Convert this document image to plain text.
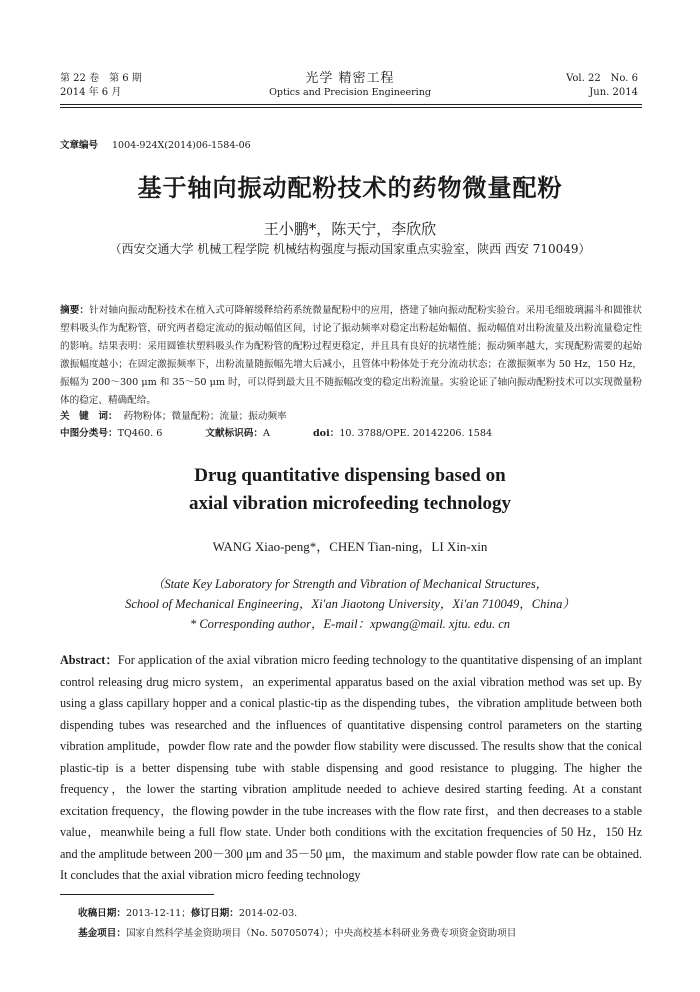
第 22 卷　第 6 期
2014 年 6 月
光学 精密工程
Optics and Precision Engineering
Vol. 22　No. 6
Jun. 2014
文章编号 1004-924X(2014)06-1584-06
基于轴向振动配粉技术的药物微量配粉
王小鹏*，陈天宁，李欣欣
（西安交通大学 机械工程学院 机械结构强度与振动国家重点实验室，陕西 西安 710049）
摘要：针对轴向振动配粉技术在植入式可降解缓释给药系统微量配粉中的应用，搭建了轴向振动配粉实验台。采用毛细玻璃漏斗和圆锥状塑料吸头作为配粉管，研究两者稳定流动的振动幅值区间，讨论了振动频率对稳定出粉起始幅值、振动幅值对出粉流量及出粉流量稳定性的影响。结果表明：采用圆锥状塑料吸头作为配粉管的配粉过程更稳定，并且具有良好的抗堵性能；振动频率越大，实现配粉需要的起始激振幅度越小；在固定激振频率下，出粉流量随振幅先增大后减小，且管体中粉体处于充分流动状态；在激振频率为 50 Hz，150 Hz，振幅为 200～300 μm 和 35～50 μm 时，可以得到最大且不随振幅改变的稳定出粉流量。实验论证了轴向振动配粉技术可以实现微量粉体的稳定、精确配给。
关　键　词： 药物粉体；微量配粉；流量；振动频率
中图分类号：TQ460. 6	文献标识码：A	doi：10. 3788/OPE. 20142206. 1584
Drug quantitative dispensing based on
axial vibration microfeeding technology
WANG Xiao-peng*，CHEN Tian-ning，LI Xin-xin
（State Key Laboratory for Strength and Vibration of Mechanical Structures，
School of Mechanical Engineering，Xi'an Jiaotong University，Xi'an 710049，China）
* Corresponding author，E-mail：xpwang@mail. xjtu. edu. cn
Abstract：For application of the axial vibration micro feeding technology to the quantitative dispensing of an implant control releasing drug micro system，an experimental apparatus based on the axial vibration method was set up. By using a glass capillary hopper and a conical plastic-tip as the dispending tubes，the vibration amplitude between both dispending tubes was researched and the influences of quantitative dispensing control parameters on the starting vibration amplitude，powder flow rate and the powder flow stability were discussed. The results show that the conical plastic-tip is a better dispensing tube with stable dispensing and good resistance to plugging. The higher the frequency，the lower the starting vibration amplitude needed to achieve desired starting feeding. At a constant excitation frequency，the flowing powder in the tube increases with the flow rate first，and then decreases to a stable value，meanwhile being a full flow state. Under both conditions with the excitation frequencies of 50 Hz，150 Hz and the amplitude between 200－300 μm and 35－50 μm，the maximum and stable powder flow rate can be obtained. It concludes that the axial vibration micro feeding technology
收稿日期：2013-12-11；修订日期：2014-02-03.
基金项目：国家自然科学基金资助项目（No. 50705074）；中央高校基本科研业务费专项资金资助项目
